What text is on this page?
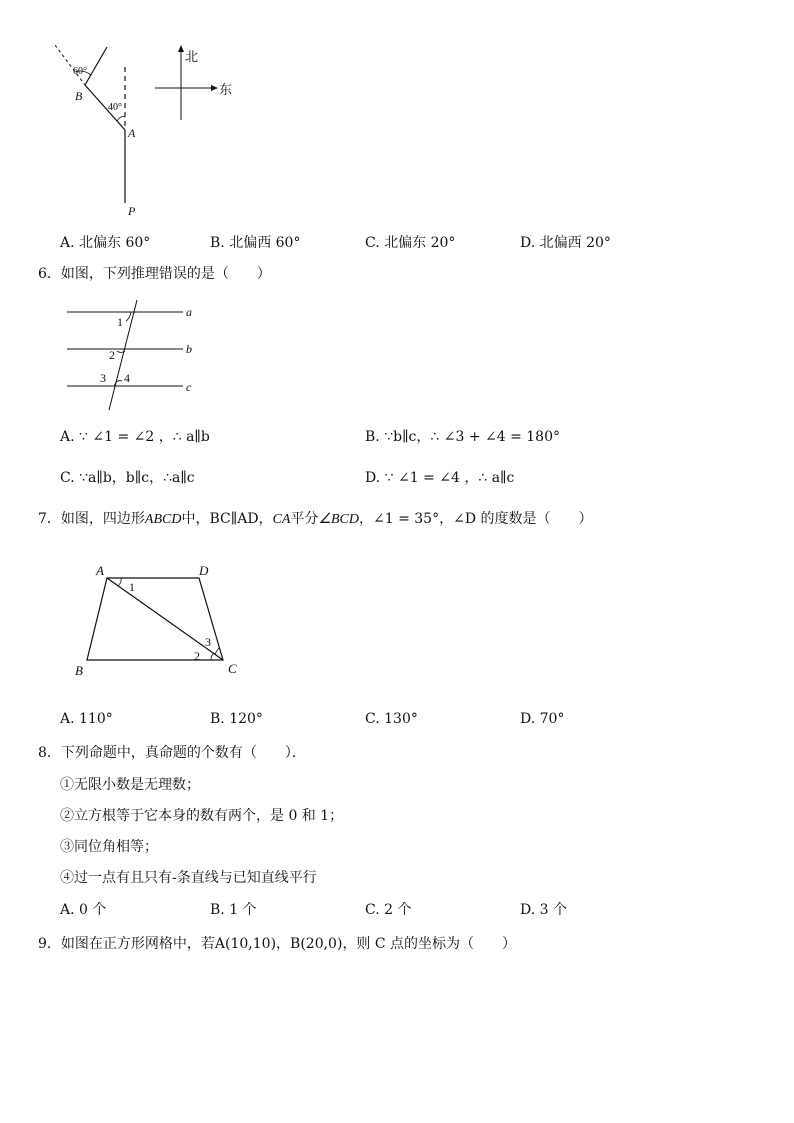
60°
40°
B
A
P
北
东
A. 北偏东 60°	B. 北偏西 60°	C. 北偏东 20°	D. 北偏西 20°
6．如图，下列推理错误的是（　　）
a
b
c
1
2
3 4
A. ∵ ∠1 = ∠2 ，∴ a∥b	B. ∵b∥c，∴ ∠3 + ∠4 = 180°
C. ∵a∥b，b∥c，∴a∥c	D. ∵ ∠1 = ∠4 ，∴ a∥c
7．如图，四边形ABCD中，BC∥AD，CA平分∠BCD，∠1 = 35°，∠D 的度数是（　　）
A	D
B	C
1
2
3
A. 110°	B. 120°	C. 130°	D. 70°
8．下列命题中，真命题的个数有（　　）．
①无限小数是无理数；
②立方根等于它本身的数有两个，是 0 和 1；
③同位角相等；
④过一点有且只有-条直线与已知直线平行
A. 0 个	B. 1 个	C. 2 个	D. 3 个
9．如图在正方形网格中，若A(10,10)，B(20,0)，则 C 点的坐标为（　　）
